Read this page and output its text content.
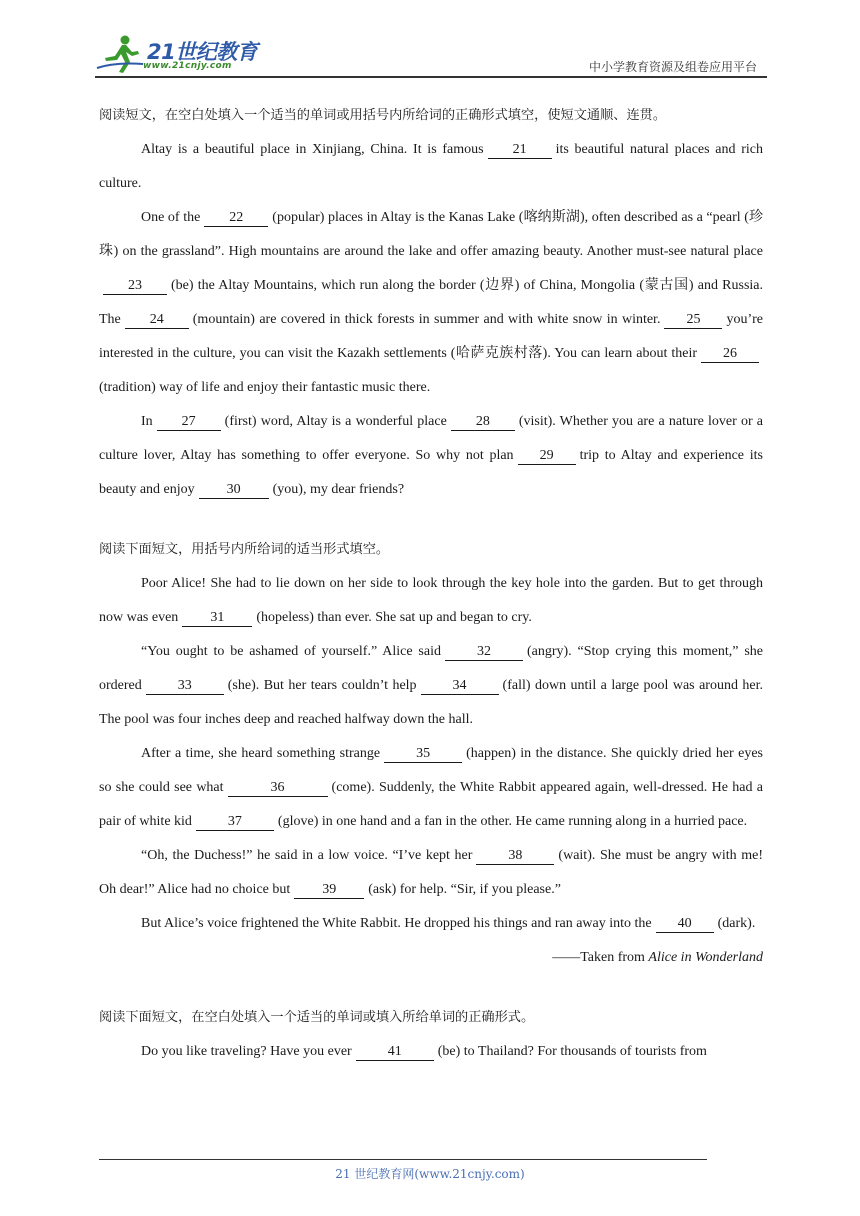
21世纪教育
www.21cnjy.com	中小学教育资源及组卷应用平台

阅读短文，在空白处填入一个适当的单词或用括号内所给词的正确形式填空，使短文通顺、连贯。

Altay is a beautiful place in Xinjiang, China. It is famous 21 its beautiful natural places and rich culture.

One of the 22 (popular) places in Altay is the Kanas Lake (喀纳斯湖), often described as a “pearl (珍珠) on the grassland”. High mountains are around the lake and offer amazing beauty. Another must-see natural place23 (be) the Altay Mountains, which run along the border (边界) of China, Mongolia (蒙古国) and Russia. The 24 (mountain) are covered in thick forests in summer and with white snow in winter. 25 you’re interested in the culture, you can visit the Kazakh settlements (哈萨克族村落). You can learn about their 26(tradition) way of life and enjoy their fantastic music there.

In 27 (first) word, Altay is a wonderful place 28 (visit). Whether you are a nature lover or a culture lover, Altay has something to offer everyone. So why not plan 29 trip to Altay and experience its beauty and enjoy 30 (you), my dear friends?

阅读下面短文，用括号内所给词的适当形式填空。

Poor Alice! She had to lie down on her side to look through the key hole into the garden. But to get through now was even 31 (hopeless) than ever. She sat up and began to cry.

“You ought to be ashamed of yourself.” Alice said	32	(angry). “Stop crying this moment,” she ordered	33	(she). But her tears couldn’t help	34	(fall) down until a large pool was around her. The pool was four inches deep and reached halfway down the hall.

After a time, she heard something strange	35	(happen) in the distance. She quickly dried her eyes so she could see what	36	(come). Suddenly, the White Rabbit appeared again, well-dressed. He had a pair of white kid	37	(glove) in one hand and a fan in the other. He came running along in a hurried pace.

“Oh, the Duchess!” he said in a low voice. “I’ve kept her	38	(wait). She must be angry with me! Oh dear!” Alice had no choice but 39 (ask) for help. “Sir, if you please.”

But Alice’s voice frightened the White Rabbit. He dropped his things and ran away into the 40 (dark).

——Taken from Alice in Wonderland

阅读下面短文，在空白处填入一个适当的单词或填入所给单词的正确形式。

Do you like traveling? Have you ever	41	(be) to Thailand? For thousands of tourists from

21 世纪教育网(www.21cnjy.com)
